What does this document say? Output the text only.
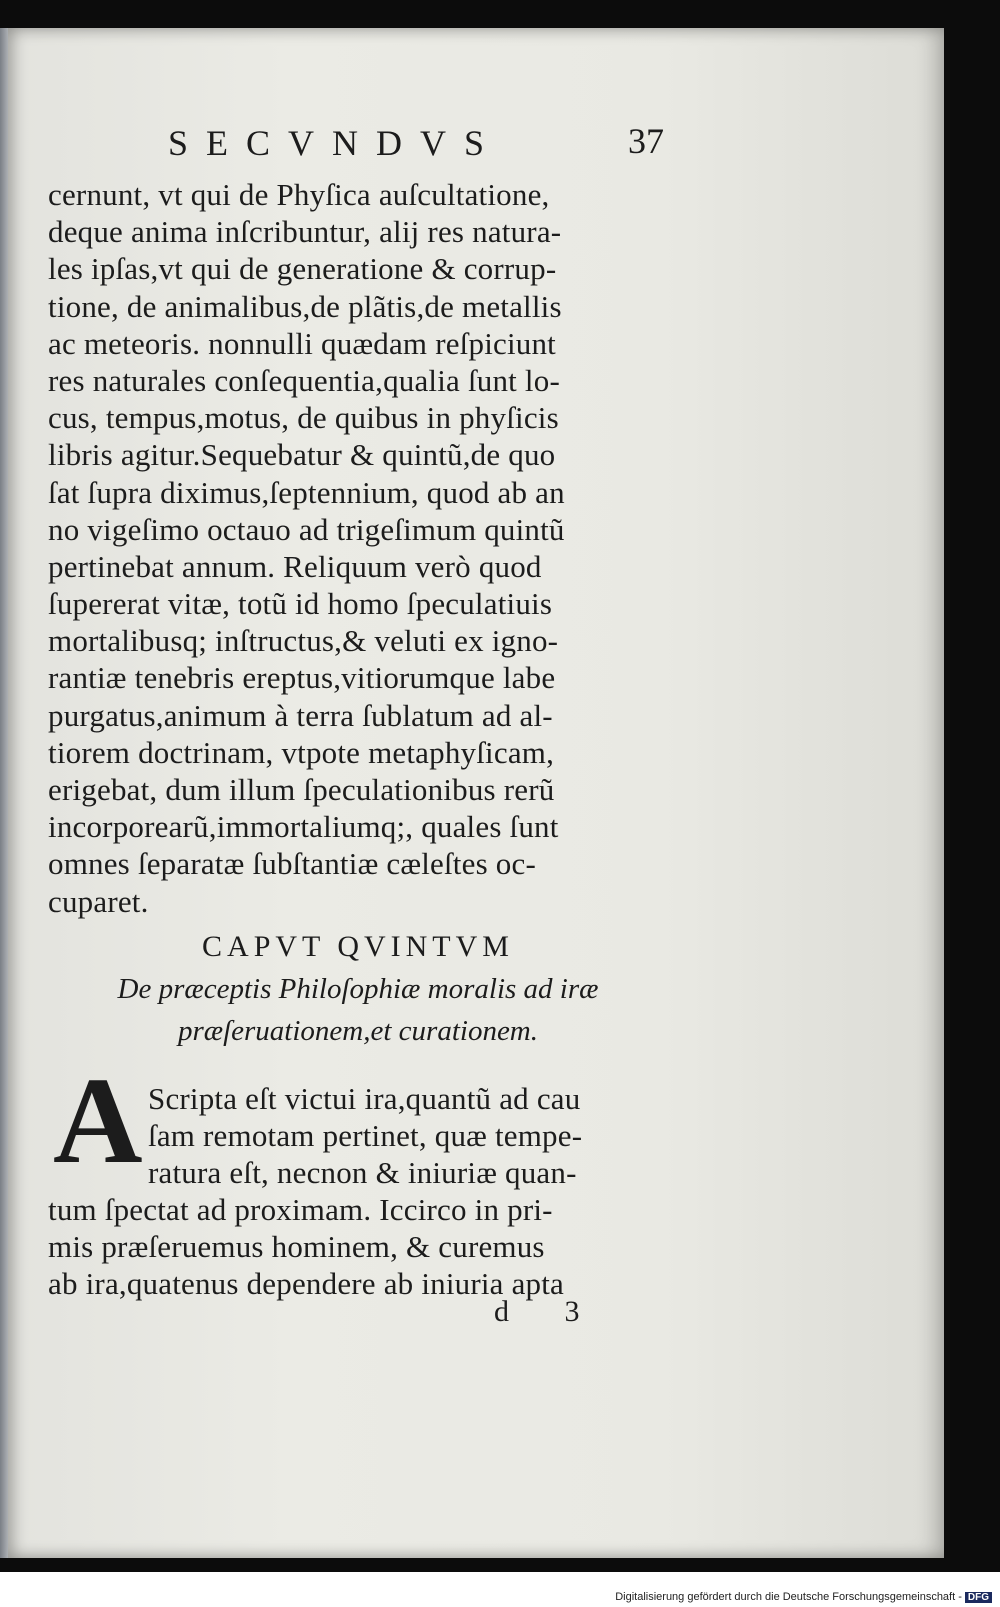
SECVNDVS	37
cernunt, vt qui de Phyſica auſcultatione,
deque anima inſcribuntur, alij res natura-
les ipſas,vt qui de generatione & corrup-
tione, de animalibus,de plãtis,de metallis
ac meteoris. nonnulli quædam reſpiciunt
res naturales conſequentia,qualia ſunt lo-
cus, tempus,motus, de quibus in phyſicis
libris agitur.Sequebatur & quintũ,de quo
ſat ſupra diximus,ſeptennium, quod ab an
no vigeſimo octauo ad trigeſimum quintũ
pertinebat annum. Reliquum verò quod
ſupererat vitæ, totũ id homo ſpeculatiuis
mortalibusq; inſtructus,& veluti ex igno-
rantiæ tenebris ereptus,vitiorumque labe
purgatus,animum à terra ſublatum ad al-
tiorem doctrinam, vtpote metaphyſicam,
erigebat, dum illum ſpeculationibus rerũ
incorporearũ,immortaliumq;, quales ſunt
omnes ſeparatæ ſubſtantiæ cæleſtes oc-
cuparet.
CAPVT QVINTVM
De præceptis Philoſophiæ moralis ad iræ
præſeruationem,et curationem.
A Scripta eſt victui ira,quantũ ad cau
ſam remotam pertinet, quæ tempe-
ratura eſt, necnon & iniuriæ quan-
tum ſpectat ad proximam. Iccirco in pri-
mis præſeruemus hominem, & curemus
ab ira,quatenus dependere ab iniuria apta
d 3
Digitalisierung gefördert durch die Deutsche Forschungsgemeinschaft - DFG
